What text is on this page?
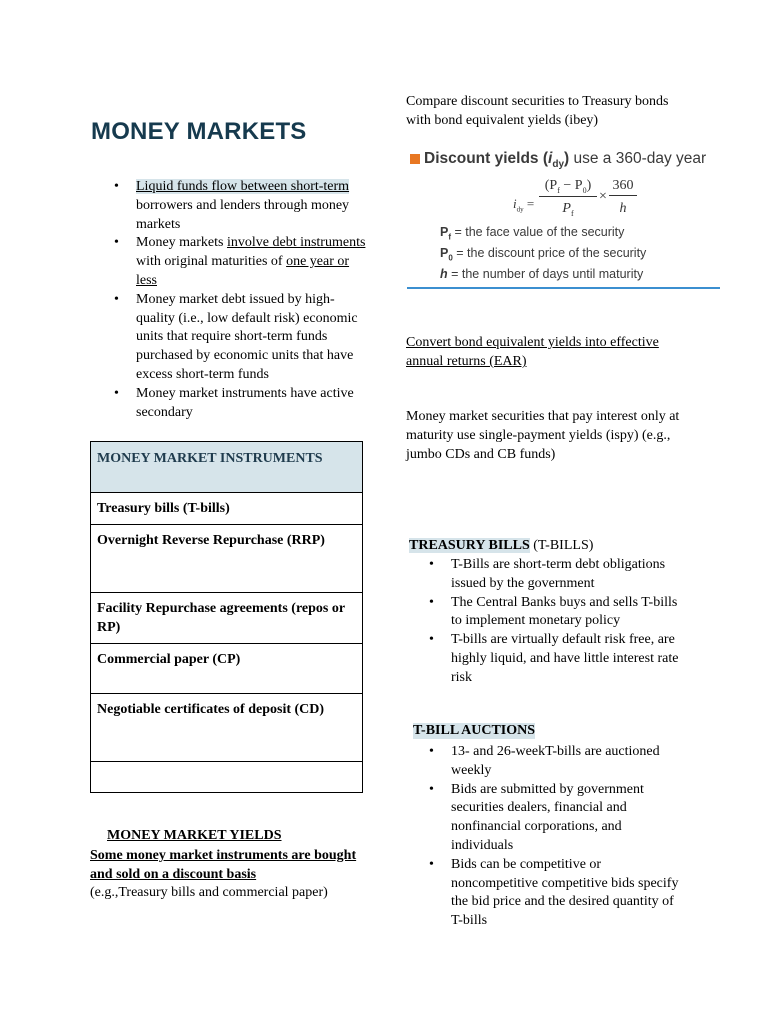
MONEY MARKETS
• Liquid funds flow between short-term borrowers and lenders through money markets
• Money markets involve debt instruments with original maturities of one year or less
• Money market debt issued by high-quality (i.e., low default risk) economic units that require short-term funds purchased by economic units that have excess short-term funds
• Money market instruments have active secondary
MONEY MARKET INSTRUMENTS
Treasury bills (T-bills)
Overnight Reverse Repurchase (RRP)
Facility Repurchase agreements (repos or RP)
Commercial paper (CP)
Negotiable certificates of deposit (CD)

MONEY MARKET YIELDS
Some money market instruments are bought and sold on a discount basis
(e.g.,Treasury bills and commercial paper)
Compare discount securities to Treasury bonds with bond equivalent yields (ibey)
Discount yields $(i_{dy})$ use a 360-day year
$i_{dy}$ =
$(P_f - P_0)$
$P_f$
×
360
h
$P_f$ = the face value of the security
$P_0$ = the discount price of the security
h = the number of days until maturity
Convert bond equivalent yields into effective annual returns (EAR)
Money market securities that pay interest only at maturity use single-payment yields (ispy) (e.g., jumbo CDs and CB funds)
TREASURY BILLS (T-BILLS)
• T-Bills are short-term debt obligations issued by the government
• The Central Banks buys and sells T-bills to implement monetary policy
• T-bills are virtually default risk free, are highly liquid, and have little interest rate risk
T-BILL AUCTIONS
• 13- and 26-weekT-bills are auctioned weekly
• Bids are submitted by government securities dealers, financial and nonfinancial corporations, and individuals
• Bids can be competitive or noncompetitive competitive bids specify the bid price and the desired quantity of T-bills
